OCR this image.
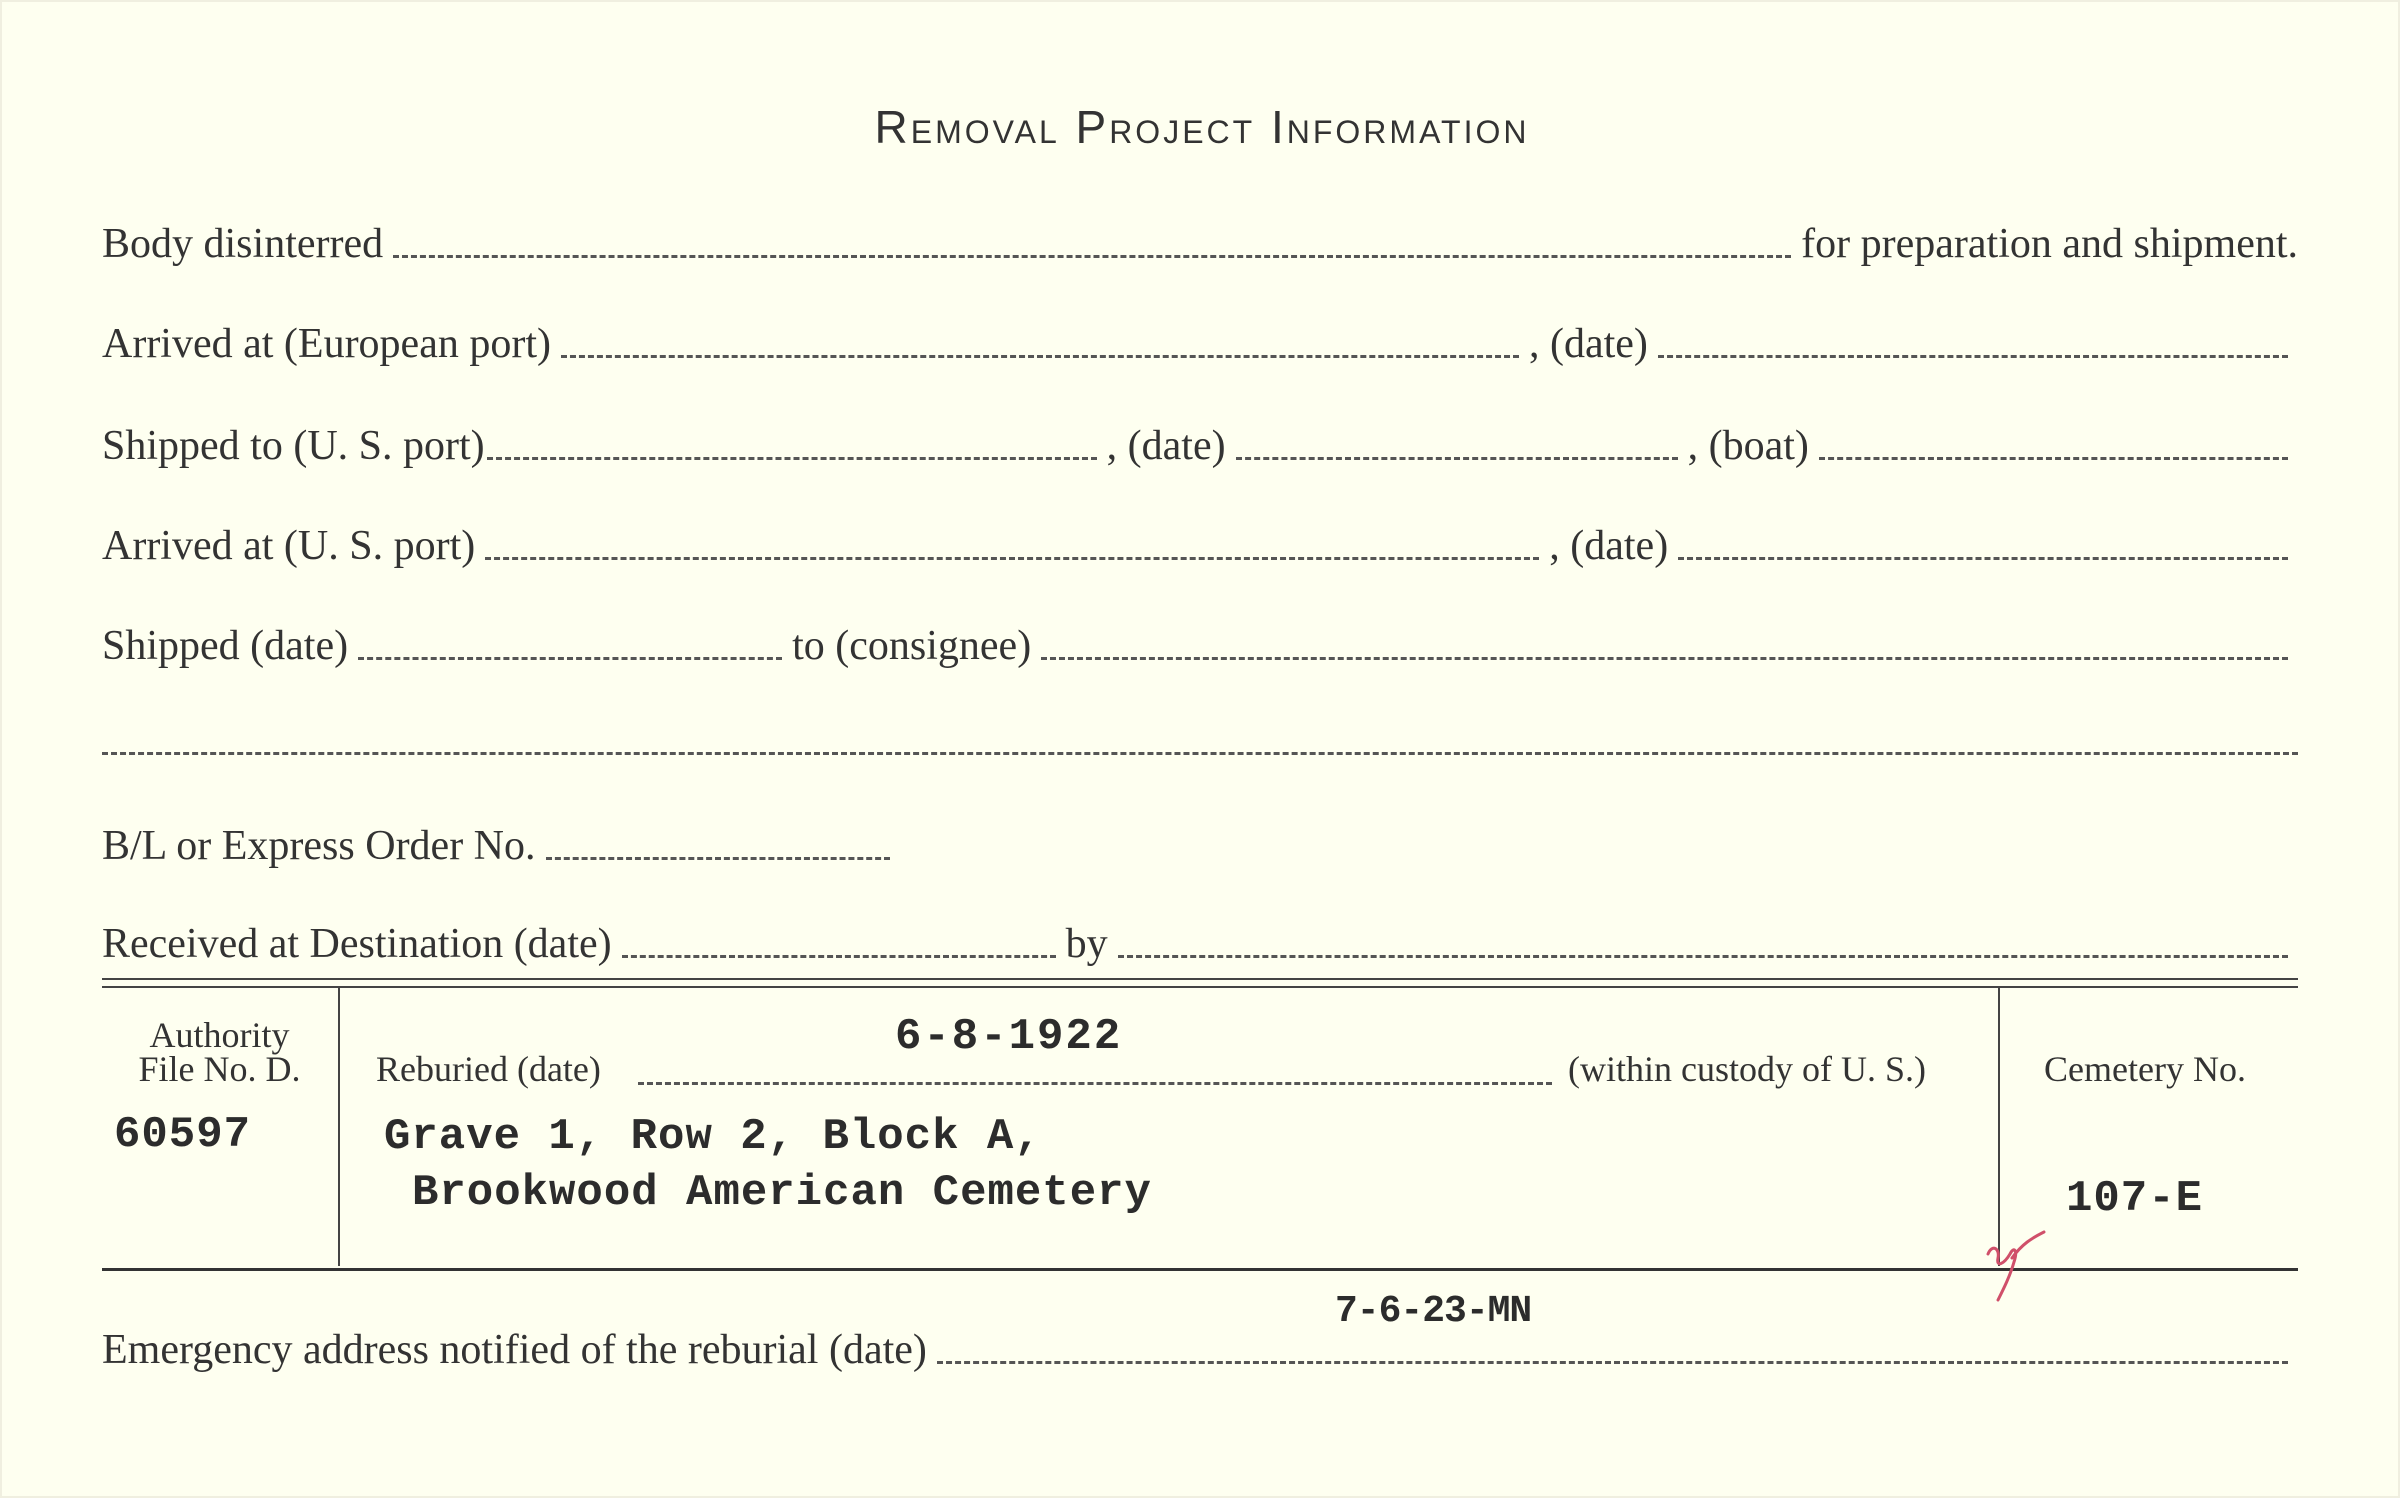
Removal Project Information
Body disinterred	for preparation and shipment.
Arrived at (European port)	, (date)
Shipped to (U. S. port)	, (date)	, (boat)
Arrived at (U. S. port)	, (date)
Shipped (date)	to (consignee)
B/L or Express Order No.
Received at Destination (date)	by
Authority
File No. D.
60597
Reburied (date)	(within custody of U. S.)
6-8-1922
Grave 1, Row 2, Block A,
Brookwood American Cemetery
Cemetery No.
107-E
Emergency address notified of the reburial (date)
7-6-23-MN
